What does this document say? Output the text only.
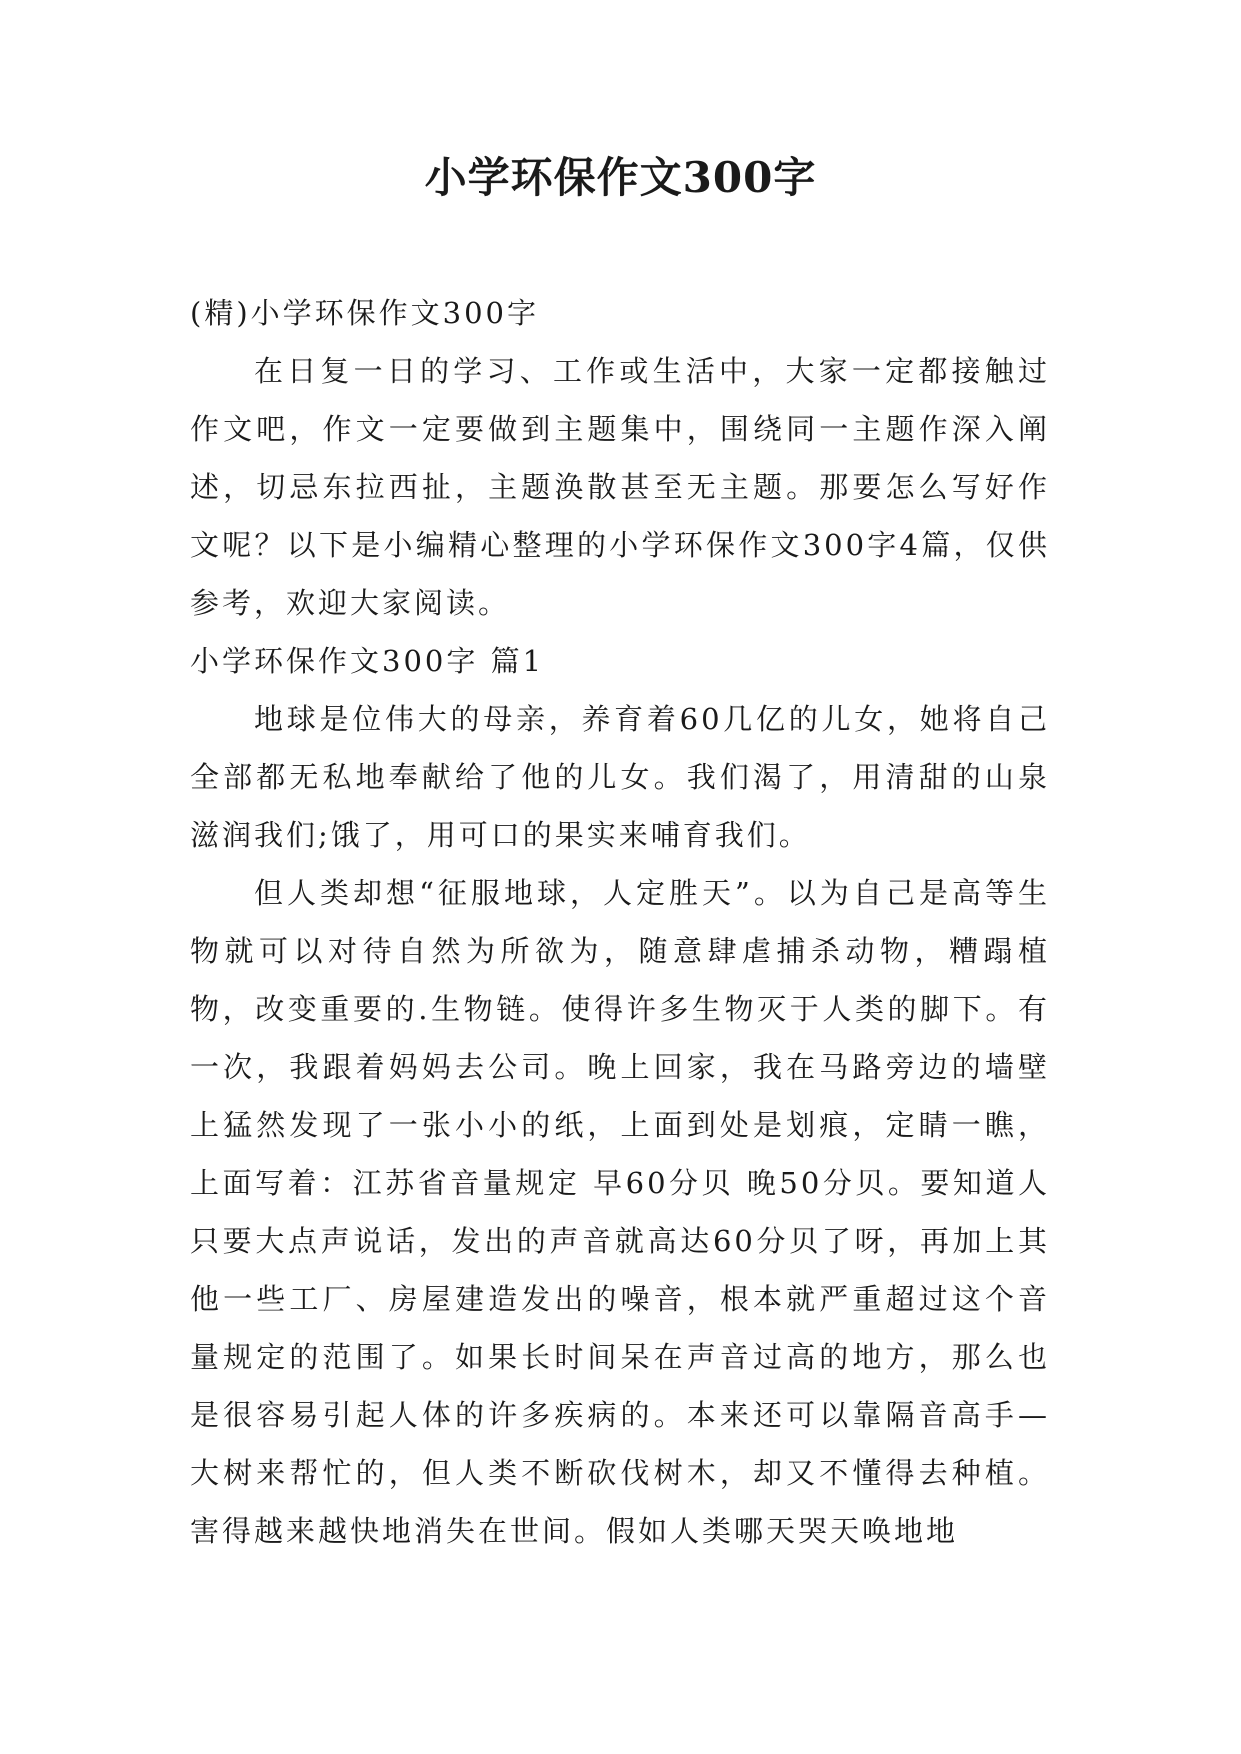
小学环保作文300字

(精)小学环保作文300字

在日复一日的学习、工作或生活中，大家一定都接触过作文吧，作文一定要做到主题集中，围绕同一主题作深入阐述，切忌东拉西扯，主题涣散甚至无主题。那要怎么写好作文呢？以下是小编精心整理的小学环保作文300字4篇，仅供参考，欢迎大家阅读。

小学环保作文300字 篇1

地球是位伟大的母亲，养育着60几亿的儿女，她将自己全部都无私地奉献给了他的儿女。我们渴了，用清甜的山泉滋润我们;饿了，用可口的果实来哺育我们。

但人类却想“征服地球，人定胜天”。以为自己是高等生物就可以对待自然为所欲为，随意肆虐捕杀动物，糟蹋植物，改变重要的.生物链。使得许多生物灭于人类的脚下。有一次，我跟着妈妈去公司。晚上回家，我在马路旁边的墙壁上猛然发现了一张小小的纸，上面到处是划痕，定睛一瞧，上面写着：江苏省音量规定 早60分贝 晚50分贝。要知道人只要大点声说话，发出的声音就高达60分贝了呀，再加上其他一些工厂、房屋建造发出的噪音，根本就严重超过这个音量规定的范围了。如果长时间呆在声音过高的地方，那么也是很容易引起人体的许多疾病的。本来还可以靠隔音高手—大树来帮忙的，但人类不断砍伐树木，却又不懂得去种植。害得越来越快地消失在世间。假如人类哪天哭天唤地地
